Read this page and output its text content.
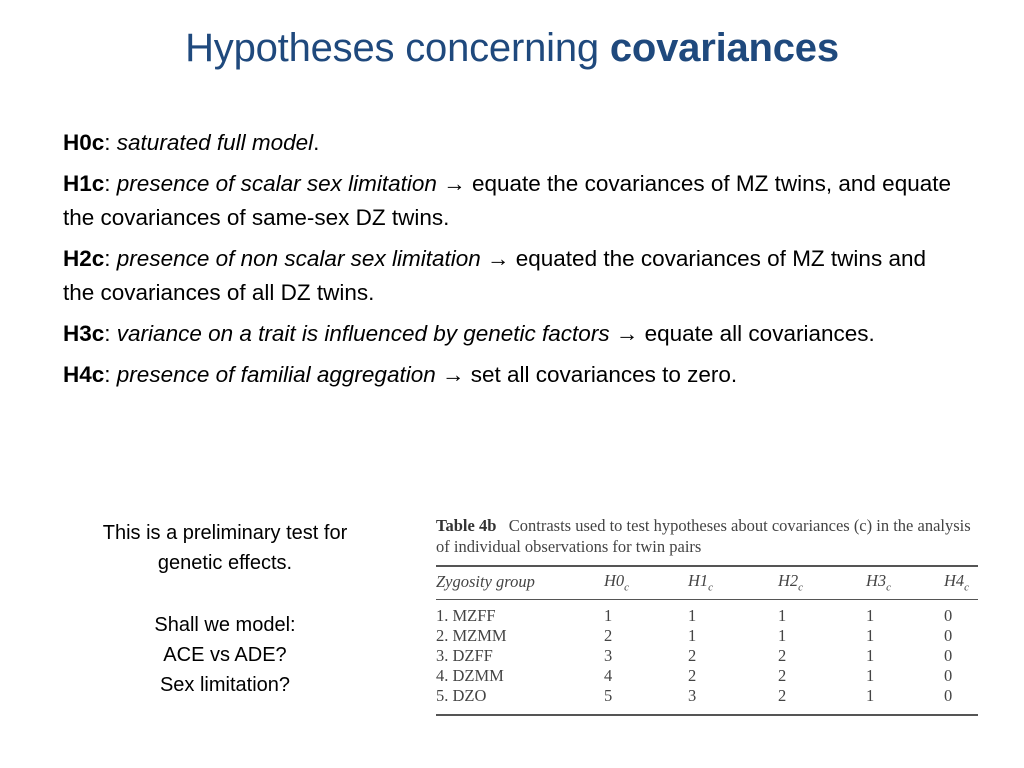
Hypotheses concerning covariances
H0c: saturated full model.
H1c: presence of scalar sex limitation → equate the covariances of MZ twins, and equate the covariances of same-sex DZ twins.
H2c: presence of non scalar sex limitation → equated the covariances of MZ twins and the covariances of all DZ twins.
H3c: variance on a trait is influenced by genetic factors → equate all covariances.
H4c: presence of familial aggregation → set all covariances to zero.

This is a preliminary test for

genetic effects.

Shall we model:

ACE vs ADE?

Sex limitation?

Table 4b Contrasts used to test hypotheses about covariances (c) in the analysis of individual observations for twin pairs
Zygosity group	$H0_c$	$H1_c$	$H2_c$	$H3_c$	$H4_c$
1. MZFF	1	1	1	1	0
2. MZMM	2	1	1	1	0
3. DZFF	3	2	2	1	0
4. DZMM	4	2	2	1	0
5. DZO	5	3	2	1	0
